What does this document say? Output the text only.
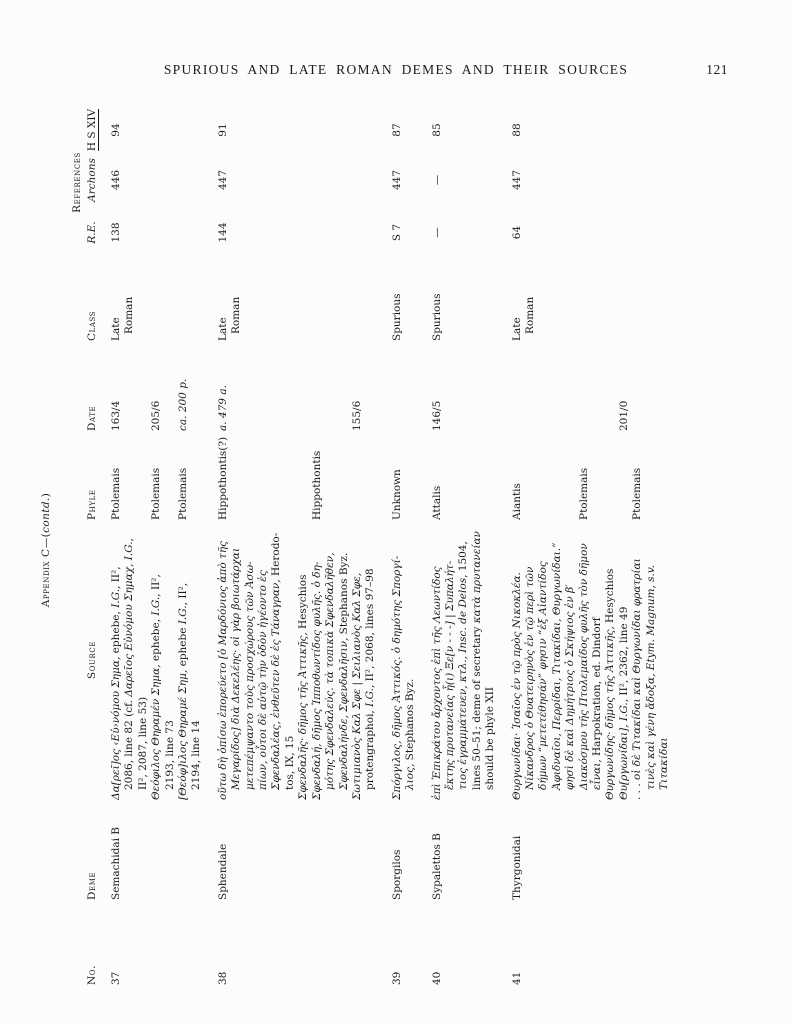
SPURIOUS AND LATE ROMAN DEMES AND THEIR SOURCES	121
Appendix C—(contd.)
References
No.
Deme
Source
Phyle
Date
Class
R.E.
Archons
H S XIV
37
Semachidai B
Δα[ρεῖ]ος ‹Εὐ›νόμου Σημα, ephebe, I.G., II²,
2086, line 82 (cf. Δαρεῖος Εὐνόμου Σημαχ, I.G.,
II², 2087, line 53)
Ptolemais
163/4
Θεόφιλος Θηραμέν Σημα, ephebe, I.G., II²,
2193, line 73
Ptolemais
205/6
[Θεόφ]ιλος Θηραμέ Σημ, ephebe I.G., II²,
2194, line 14
Ptolemais
ca. 200 p.
Late Roman
138
446
94
38
Sphendale
οὕτω δὴ ὀπίσω ἐπορεύετο [ὁ Μαρδόνιος ἀπὸ τῆς Μεγαρίδος] διὰ Δεκελέης· οἱ γὰρ βοιωτάρχαι μετεπέμψαντο τοὺς προσχώρους τῶν Ἀσω- πίων, οὗτοι δὲ αὐτῷ τὴν ὁδὸν ἡγέοντο ἐς Σφενδαλέας, ἐνθεῦτεν δὲ ἐς Τάναγραν, Herodo-
tos, IX, 15
Hippothontis(?)
a. 479 a.
Σφενδαλῆς· δῆμος τῆς Ἀττικῆς, Hesychios Σφενδαλή, δῆμος Ἱπποθωντίδος φυλῆς. ὁ δη- μότης Σφενδαλεύς. τὰ τοπικὰ Σφενδαλῆθεν, Σφενδαλήνδε, Σφενδαλῆσιν, Stephanos Byz.
Hippothontis
Σωτιμιανὸς Καλ Σφε | Σειλιανὸς Καλ Σφε, protengraphoi, I.G., II², 2068, lines 97–98
155/6
Late Roman
144
447
91
39
Sporgilos
Σπόργιλος, δῆμος Ἀττικός. ὁ δημότης Σποργί- λιος, Stephanos Byz.
Unknown
Spurious
S 7
447
87
40
Sypalettos B
ἐπὶ Ἐπικράτου ἄρχοντος ἐπὶ τῆς Λεωντίδος ἕκτης πρυτανείας ἧ(ι) Ξε[ν - - -] | Συπαλήτ- τιος ἐγραμμάτευεν, κτλ., Insc. de Delos, 1504,
lines 50–51; deme of secretary κατὰ πρυτανείαν
should be phyle XII
Attalis
146/5
Spurious
—
—
85
41
Thyrgonidai
Θυργωνίδαι· Ἰσαῖος ἐν τῷ πρὸς Νικοκλέα. Νίκανδρος ὁ Θυατειρηνὸς ἐν τῷ περὶ τῶν δήμων “μετετέθησάν” φησιν “ἐξ Αἰαντίδος Ἀφιδναῖοι, Περρίδαι, Τιτακίδαι, Θυργωνίδαι.” φησὶ δὲ καὶ Δημήτριος ὁ Σκήψιος ἐν β′
Aiantis
Διακόσμου τῆς Πτολεμαίδος φυλῆς τὸν δῆμον εἶναι, Harpokration, ed. Dindorf
Ptolemais
Θυργωνίδης· δῆμος τῆς Ἀττικῆς, Hesychios
Θυ[ργωνίδαι], I.G., II², 2362, line 49
201/0
. . . οἱ δὲ Τιτακίδαι καὶ Θυργωνίδαι φρατρίαι τινὲς καὶ γένη ἄδοξα, Etym. Magnum, s.v.
Τιτακίδαι
Ptolemais
Late Roman
64
447
88
